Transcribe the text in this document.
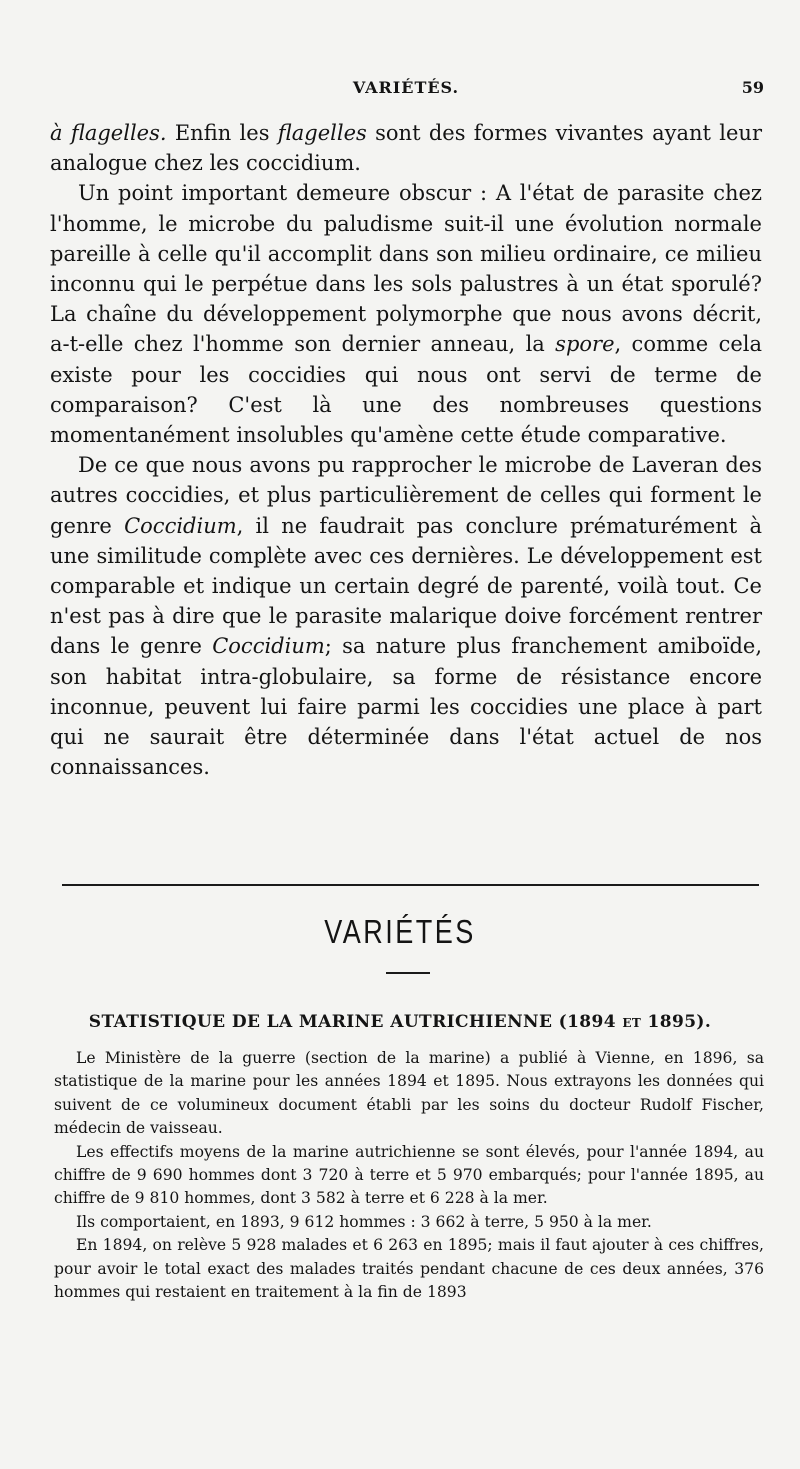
VARIÉTÉS.	59

à flagelles. Enfin les flagelles sont des formes vivantes ayant leur analogue chez les coccidium.

Un point important demeure obscur : A l'état de parasite chez l'homme, le microbe du paludisme suit-il une évolution normale pareille à celle qu'il accomplit dans son milieu ordinaire, ce milieu inconnu qui le perpétue dans les sols palustres à un état sporulé? La chaîne du développement polymorphe que nous avons décrit, a-t-elle chez l'homme son dernier anneau, la spore, comme cela existe pour les coccidies qui nous ont servi de terme de comparaison? C'est là une des nombreuses questions momentanément insolubles qu'amène cette étude comparative.

De ce que nous avons pu rapprocher le microbe de Laveran des autres coccidies, et plus particulièrement de celles qui forment le genre Coccidium, il ne faudrait pas conclure prématurément à une similitude complète avec ces dernières. Le développement est comparable et indique un certain degré de parenté, voilà tout. Ce n'est pas à dire que le parasite malarique doive forcément rentrer dans le genre Coccidium; sa nature plus franchement amiboïde, son habitat intra-globulaire, sa forme de résistance encore inconnue, peuvent lui faire parmi les coccidies une place à part qui ne saurait être déterminée dans l'état actuel de nos connaissances.

VARIÉTÉS
STATISTIQUE DE LA MARINE AUTRICHIENNE (1894 ET 1895).

Le Ministère de la guerre (section de la marine) a publié à Vienne, en 1896, sa statistique de la marine pour les années 1894 et 1895. Nous extrayons les données qui suivent de ce volumineux document établi par les soins du docteur Rudolf Fischer, médecin de vaisseau.

Les effectifs moyens de la marine autrichienne se sont élevés, pour l'année 1894, au chiffre de 9 690 hommes dont 3 720 à terre et 5 970 embarqués; pour l'année 1895, au chiffre de 9 810 hommes, dont 3 582 à terre et 6 228 à la mer.

Ils comportaient, en 1893, 9 612 hommes : 3 662 à terre, 5 950 à la mer.

En 1894, on relève 5 928 malades et 6 263 en 1895; mais il faut ajouter à ces chiffres, pour avoir le total exact des malades traités pendant chacune de ces deux années, 376 hommes qui restaient en traitement à la fin de 1893
